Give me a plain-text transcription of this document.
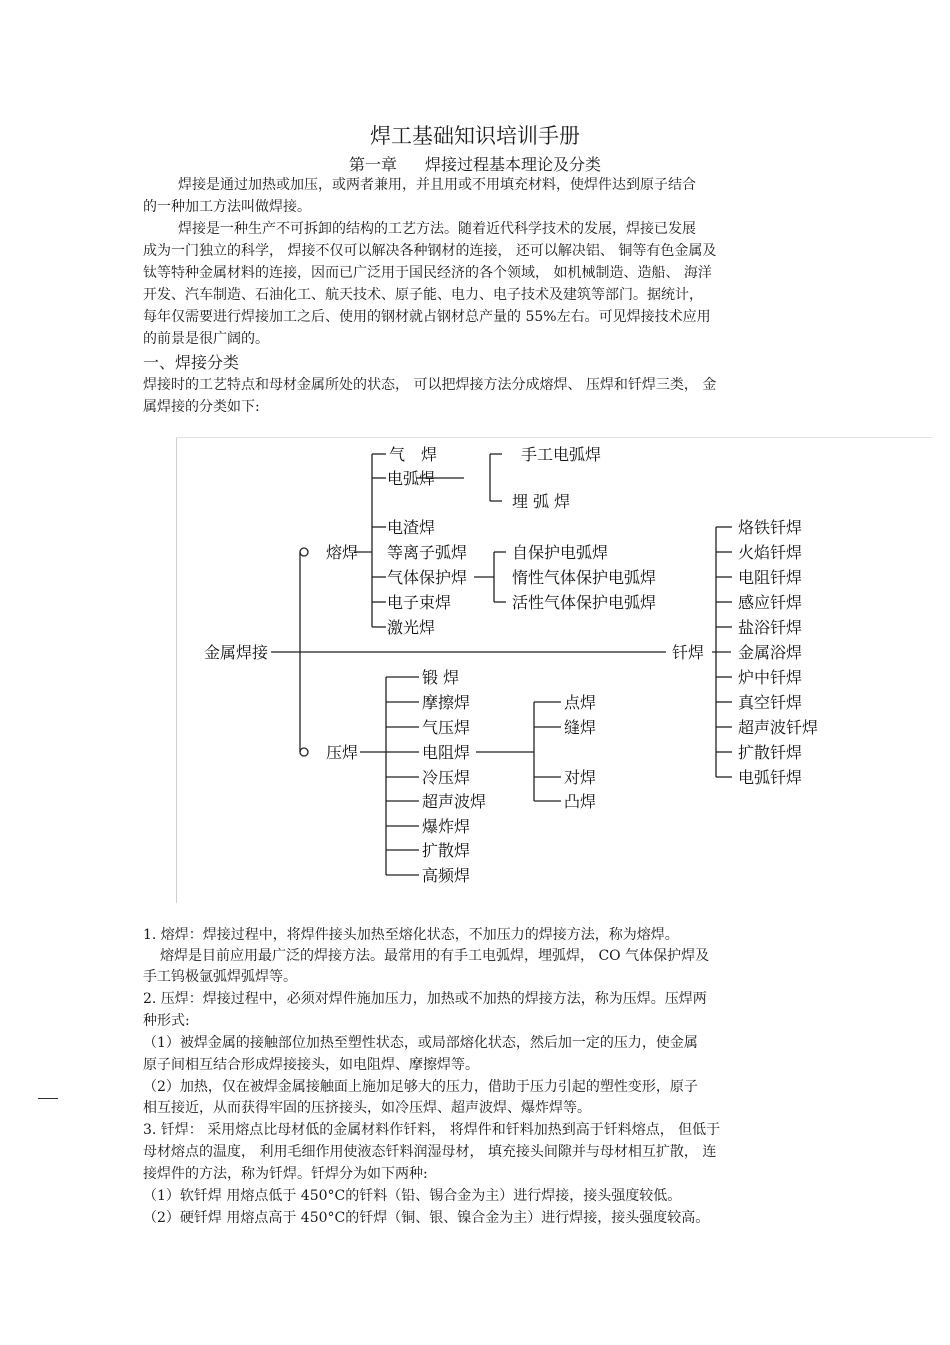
焊工基础知识培训手册
第一章 焊接过程基本理论及分类
焊接是通过加热或加压，或两者兼用，并且用或不用填充材料，使焊件达到原子结合
的一种加工方法叫做焊接。
焊接是一种生产不可拆卸的结构的工艺方法。随着近代科学技术的发展，焊接已发展
成为一门独立的科学， 焊接不仅可以解决各种钢材的连接， 还可以解决铝、 铜等有色金属及
钛等特种金属材料的连接，因而已广泛用于国民经济的各个领域， 如机械制造、造船、 海洋
开发、汽车制造、石油化工、航天技术、原子能、电力、电子技术及建筑等部门。据统计，
每年仅需要进行焊接加工之后、使用的钢材就占钢材总产量的 55%左右。可见焊接技术应用
的前景是很广阔的。
一、焊接分类
焊接时的工艺特点和母材金属所处的状态， 可以把焊接方法分成熔焊、 压焊和钎焊三类， 金
属焊接的分类如下:
金属焊接
熔焊
气　焊
电弧焊
电渣焊
等离子弧焊
气体保护焊
电子束焊
激光焊
手工电弧焊
埋 弧 焊
自保护电弧焊
惰性气体保护电弧焊
活性气体保护电弧焊
压焊
锻 焊
摩擦焊
气压焊
电阻焊
冷压焊
超声波焊
爆炸焊
扩散焊
高频焊
点焊
缝焊
对焊
凸焊
钎焊
烙铁钎焊
火焰钎焊
电阻钎焊
感应钎焊
盐浴钎焊
金属浴焊
炉中钎焊
真空钎焊
超声波钎焊
扩散钎焊
电弧钎焊
1. 熔焊：焊接过程中，将焊件接头加热至熔化状态，不加压力的焊接方法，称为熔焊。
熔焊是目前应用最广泛的焊接方法。最常用的有手工电弧焊，埋弧焊， CO 气体保护焊及
手工钨极氩弧焊弧焊等。
2. 压焊：焊接过程中，必须对焊件施加压力，加热或不加热的焊接方法，称为压焊。压焊两
种形式:
（1）被焊金属的接触部位加热至塑性状态，或局部熔化状态，然后加一定的压力，使金属
原子间相互结合形成焊接接头，如电阻焊、摩擦焊等。
（2）加热，仅在被焊金属接触面上施加足够大的压力，借助于压力引起的塑性变形，原子
相互接近，从而获得牢固的压挤接头，如冷压焊、超声波焊、爆炸焊等。
3. 钎焊： 采用熔点比母材低的金属材料作钎料， 将焊件和钎料加热到高于钎料熔点， 但低于
母材熔点的温度， 利用毛细作用使液态钎料润湿母材， 填充接头间隙并与母材相互扩散， 连
接焊件的方法，称为钎焊。钎焊分为如下两种:
（1）软钎焊 用熔点低于 450°C的钎料（铅、锡合金为主）进行焊接，接头强度较低。
（2）硬钎焊 用熔点高于 450°C的钎焊（铜、银、镍合金为主）进行焊接，接头强度较高。
